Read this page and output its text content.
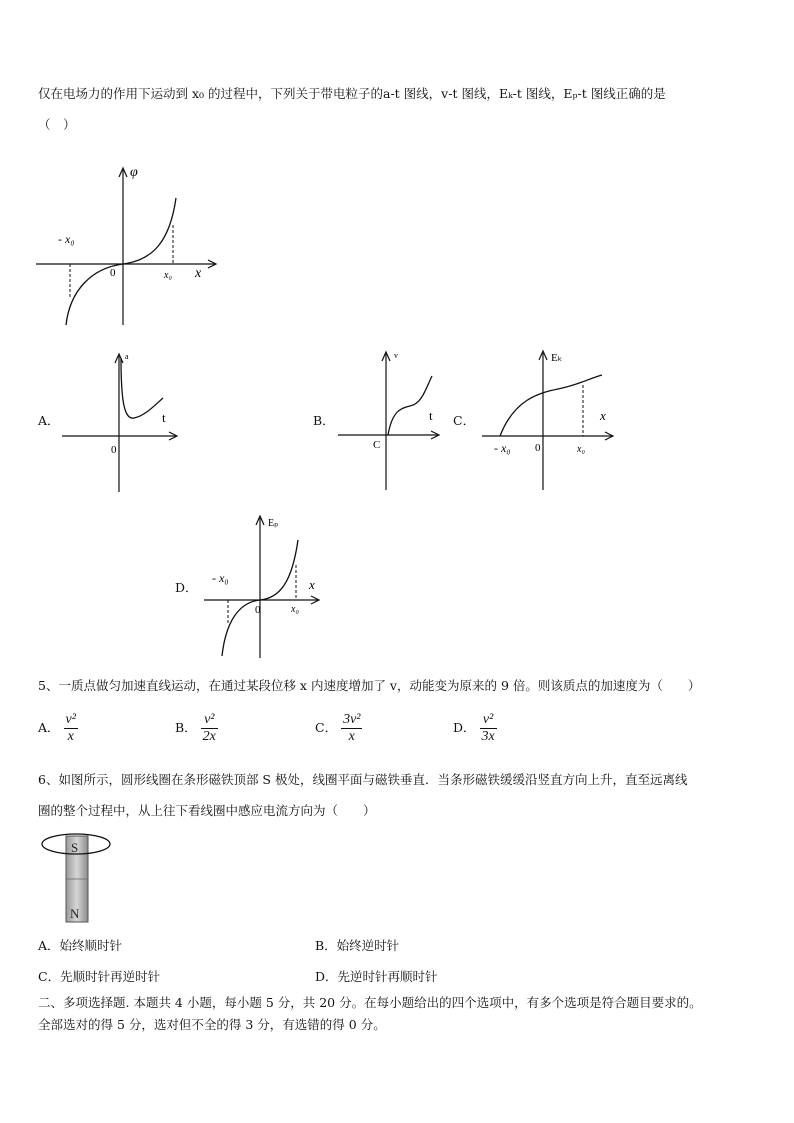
仅在电场力的作用下运动到 x₀ 的过程中，下列关于带电粒子的a-t 图线，v-t 图线，Eₖ-t 图线，Eₚ-t 图线正确的是
（　）
φ
x
0
- x₀
x₀
A．
a
t
0
B．
v
t
C
C．
Eₖ
x
0
- x₀	x₀
D．
Eₚ
x
0
- x₀
x₀
5、一质点做匀加速直线运动，在通过某段位移 x 内速度增加了 v，动能变为原来的 9 倍。则该质点的加速度为（　　）
A． $\frac{\text{v²}}{x}$	B． $\frac{\text{v²}}{2x}$	C． $\frac{\text{3v²}}{x}$	D． $\frac{\text{v²}}{3x}$
6、如图所示，圆形线圈在条形磁铁顶部 S 极处，线圈平面与磁铁垂直．当条形磁铁缓缓沿竖直方向上升，直至远离线
圈的整个过程中，从上往下看线圈中感应电流方向为（　　）
S
N
A．始终顺时针	B．始终逆时针
C．先顺时针再逆时针	D．先逆时针再顺时针
二、多项选择题. 本题共 4 小题，每小题 5 分，共 20 分。在每小题给出的四个选项中，有多个选项是符合题目要求的。
全部选对的得 5 分，选对但不全的得 3 分，有选错的得 0 分。
